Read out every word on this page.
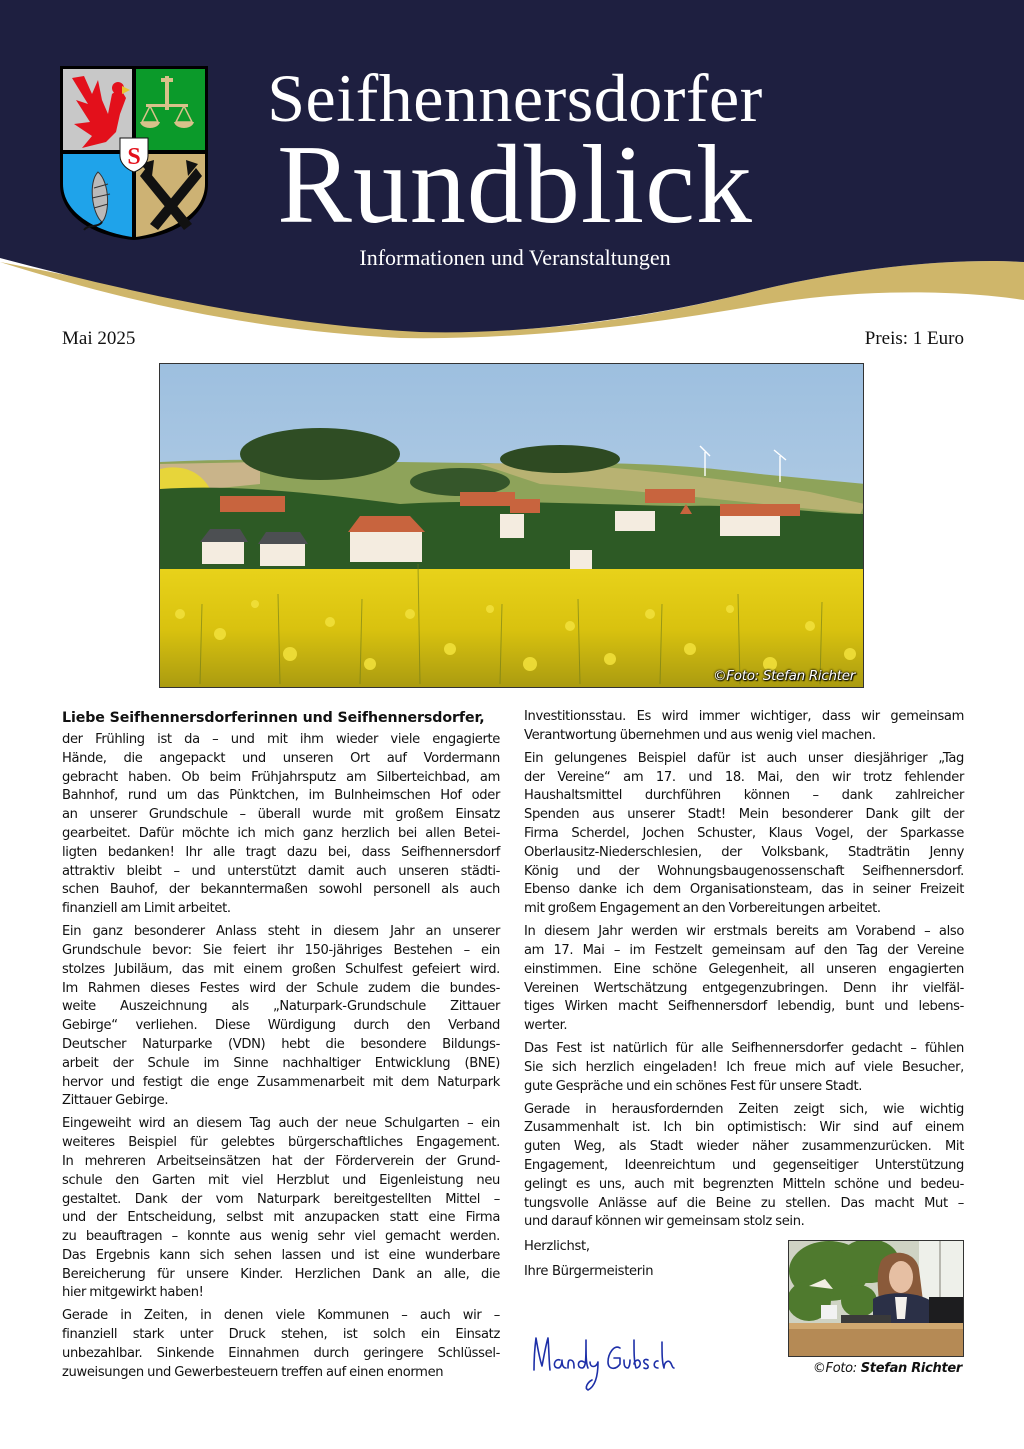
S
Seifhennersdorfer
Rundblick
Informationen und Veranstaltungen
Mai 2025	Preis: 1 Euro
©Foto: Stefan Richter
Liebe Seifhennersdorferinnen und Seifhennersdorfer,
der Frühling ist da – und mit ihm wieder viele engagierte
Hände, die angepackt und unseren Ort auf Vordermann
gebracht haben. Ob beim Frühjahrsputz am Silberteichbad, am
Bahnhof, rund um das Pünktchen, im Bulnheimschen Hof oder
an unserer Grundschule – überall wurde mit großem Einsatz
gearbeitet. Dafür möchte ich mich ganz herzlich bei allen Betei-
ligten bedanken! Ihr alle tragt dazu bei, dass Seifhennersdorf
attraktiv bleibt – und unterstützt damit auch unseren städti-
schen Bauhof, der bekanntermaßen sowohl personell als auch
finanziell am Limit arbeitet.
Ein ganz besonderer Anlass steht in diesem Jahr an unserer
Grundschule bevor: Sie feiert ihr 150-jähriges Bestehen – ein
stolzes Jubiläum, das mit einem großen Schulfest gefeiert wird.
Im Rahmen dieses Festes wird der Schule zudem die bundes-
weite Auszeichnung als „Naturpark-Grundschule Zittauer
Gebirge“ verliehen. Diese Würdigung durch den Verband
Deutscher Naturparke (VDN) hebt die besondere Bildungs-
arbeit der Schule im Sinne nachhaltiger Entwicklung (BNE)
hervor und festigt die enge Zusammenarbeit mit dem Naturpark
Zittauer Gebirge.
Eingeweiht wird an diesem Tag auch der neue Schulgarten – ein
weiteres Beispiel für gelebtes bürgerschaftliches Engagement.
In mehreren Arbeitseinsätzen hat der Förderverein der Grund-
schule den Garten mit viel Herzblut und Eigenleistung neu
gestaltet. Dank der vom Naturpark bereitgestellten Mittel –
und der Entscheidung, selbst mit anzupacken statt eine Firma
zu beauftragen – konnte aus wenig sehr viel gemacht werden.
Das Ergebnis kann sich sehen lassen und ist eine wunderbare
Bereicherung für unsere Kinder. Herzlichen Dank an alle, die
hier mitgewirkt haben!
Gerade in Zeiten, in denen viele Kommunen – auch wir –
finanziell stark unter Druck stehen, ist solch ein Einsatz
unbezahlbar. Sinkende Einnahmen durch geringere Schlüssel-
zuweisungen und Gewerbesteuern treffen auf einen enormen
Investitionsstau. Es wird immer wichtiger, dass wir gemeinsam
Verantwortung übernehmen und aus wenig viel machen.
Ein gelungenes Beispiel dafür ist auch unser diesjähriger „Tag
der Vereine“ am 17. und 18. Mai, den wir trotz fehlender
Haushaltsmittel durchführen können – dank zahlreicher
Spenden aus unserer Stadt! Mein besonderer Dank gilt der
Firma Scherdel, Jochen Schuster, Klaus Vogel, der Sparkasse
Oberlausitz-Niederschlesien, der Volksbank, Stadträtin Jenny
König und der Wohnungsbaugenossenschaft Seifhennersdorf.
Ebenso danke ich dem Organisationsteam, das in seiner Freizeit
mit großem Engagement an den Vorbereitungen arbeitet.
In diesem Jahr werden wir erstmals bereits am Vorabend – also
am 17. Mai – im Festzelt gemeinsam auf den Tag der Vereine
einstimmen. Eine schöne Gelegenheit, all unseren engagierten
Vereinen Wertschätzung entgegenzubringen. Denn ihr vielfäl-
tiges Wirken macht Seifhennersdorf lebendig, bunt und lebens-
werter.
Das Fest ist natürlich für alle Seifhennersdorfer gedacht – fühlen
Sie sich herzlich eingeladen! Ich freue mich auf viele Besucher,
gute Gespräche und ein schönes Fest für unsere Stadt.
Gerade in herausfordernden Zeiten zeigt sich, wie wichtig
Zusammenhalt ist. Ich bin optimistisch: Wir sind auf einem
guten Weg, als Stadt wieder näher zusammenzurücken. Mit
Engagement, Ideenreichtum und gegenseitiger Unterstützung
gelingt es uns, auch mit begrenzten Mitteln schöne und bedeu-
tungsvolle Anlässe auf die Beine zu stellen. Das macht Mut –
und darauf können wir gemeinsam stolz sein.
Herzlichst,
Ihre Bürgermeisterin
©Foto: Stefan Richter
